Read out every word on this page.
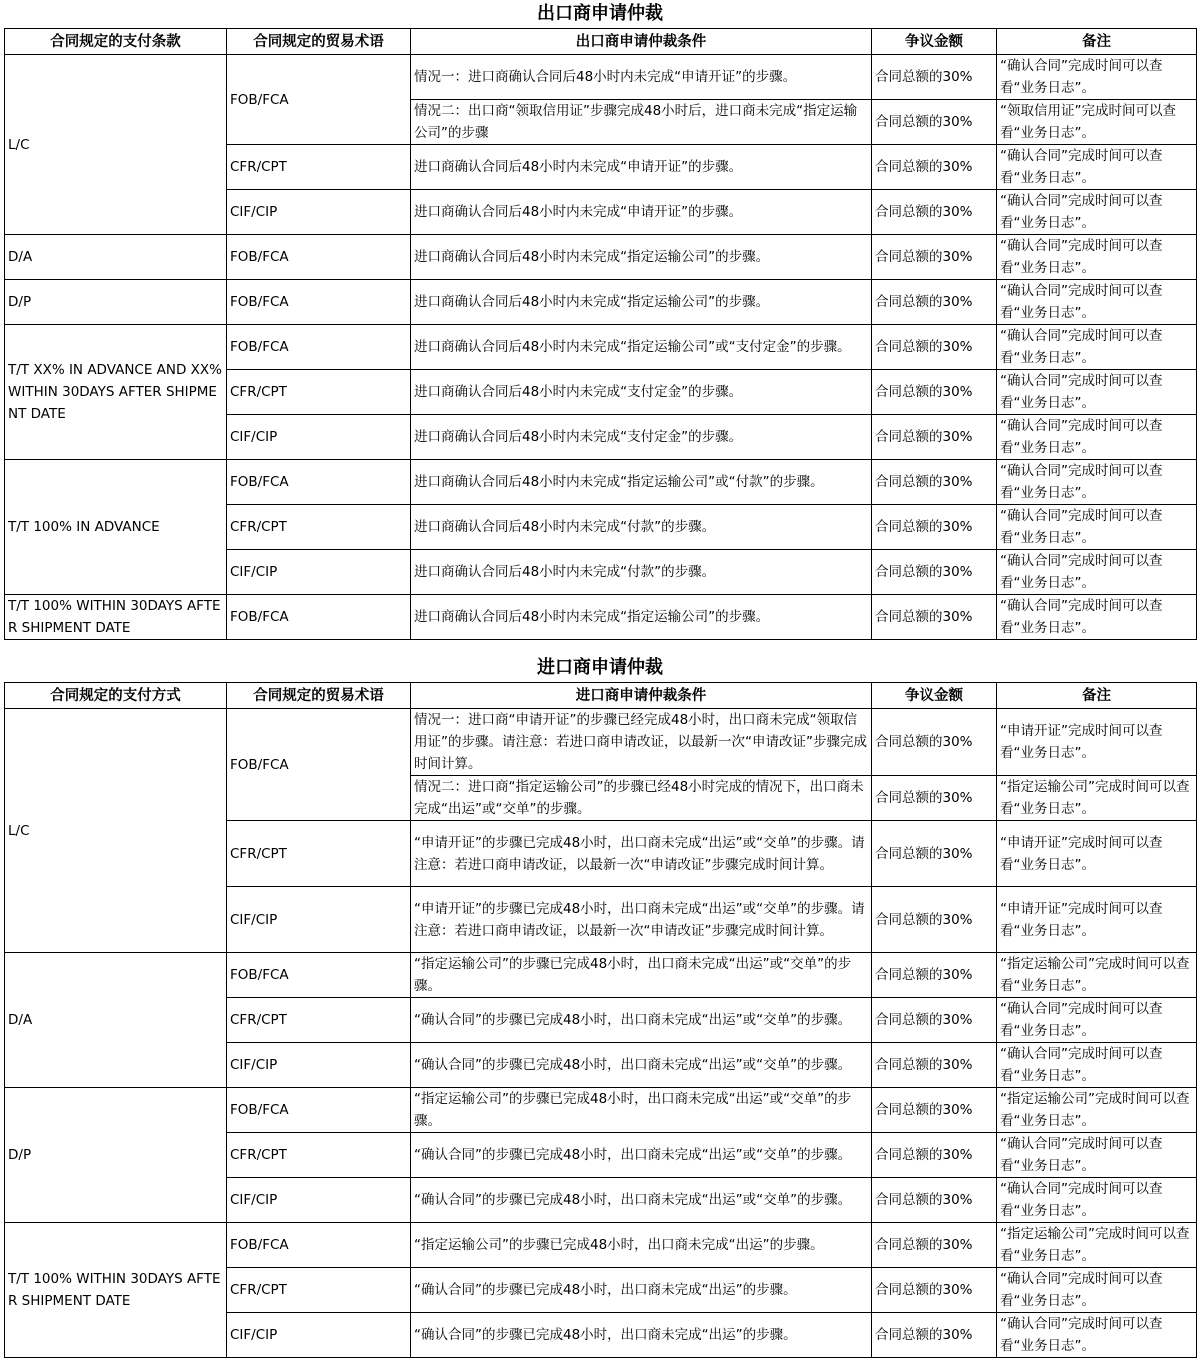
出口商申请仲裁
合同规定的支付条款	合同规定的贸易术语	出口商申请仲裁条件	争议金额	备注
L/C	FOB/FCA	情况一：进口商确认合同后48小时内未完成“申请开证”的步骤。	合同总额的30%	“确认合同”完成时间可以查看“业务日志”。
		情况二：出口商“领取信用证”步骤完成48小时后，进口商未完成“指定运输公司”的步骤	合同总额的30%	“领取信用证”完成时间可以查看“业务日志”。
	CFR/CPT	进口商确认合同后48小时内未完成“申请开证”的步骤。	合同总额的30%	“确认合同”完成时间可以查看“业务日志”。
	CIF/CIP	进口商确认合同后48小时内未完成“申请开证”的步骤。	合同总额的30%	“确认合同”完成时间可以查看“业务日志”。
D/A	FOB/FCA	进口商确认合同后48小时内未完成“指定运输公司”的步骤。	合同总额的30%	“确认合同”完成时间可以查看“业务日志”。
D/P	FOB/FCA	进口商确认合同后48小时内未完成“指定运输公司”的步骤。	合同总额的30%	“确认合同”完成时间可以查看“业务日志”。
T/T XX% IN ADVANCE AND XX% WITHIN 30DAYS AFTER SHIPMENT DATE	FOB/FCA	进口商确认合同后48小时内未完成“指定运输公司”或“支付定金”的步骤。	合同总额的30%	“确认合同”完成时间可以查看“业务日志”。
	CFR/CPT	进口商确认合同后48小时内未完成“支付定金”的步骤。	合同总额的30%	“确认合同”完成时间可以查看“业务日志”。
	CIF/CIP	进口商确认合同后48小时内未完成“支付定金”的步骤。	合同总额的30%	“确认合同”完成时间可以查看“业务日志”。
T/T 100% IN ADVANCE	FOB/FCA	进口商确认合同后48小时内未完成“指定运输公司”或“付款”的步骤。	合同总额的30%	“确认合同”完成时间可以查看“业务日志”。
	CFR/CPT	进口商确认合同后48小时内未完成“付款”的步骤。	合同总额的30%	“确认合同”完成时间可以查看“业务日志”。
	CIF/CIP	进口商确认合同后48小时内未完成“付款”的步骤。	合同总额的30%	“确认合同”完成时间可以查看“业务日志”。
T/T 100% WITHIN 30DAYS AFTER SHIPMENT DATE	FOB/FCA	进口商确认合同后48小时内未完成“指定运输公司”的步骤。	合同总额的30%	“确认合同”完成时间可以查看“业务日志”。
进口商申请仲裁
合同规定的支付方式	合同规定的贸易术语	进口商申请仲裁条件	争议金额	备注
L/C	FOB/FCA	情况一：进口商“申请开证”的步骤已经完成48小时，出口商未完成“领取信用证”的步骤。请注意：若进口商申请改证，以最新一次“申请改证”步骤完成时间计算。	合同总额的30%	“申请开证”完成时间可以查看“业务日志”。
		情况二：进口商“指定运输公司”的步骤已经48小时完成的情况下，出口商未完成“出运”或“交单”的步骤。	合同总额的30%	“指定运输公司”完成时间可以查看“业务日志”。
	CFR/CPT	“申请开证”的步骤已完成48小时，出口商未完成“出运”或“交单”的步骤。请注意：若进口商申请改证，以最新一次“申请改证”步骤完成时间计算。	合同总额的30%	“申请开证”完成时间可以查看“业务日志”。
	CIF/CIP	“申请开证”的步骤已完成48小时，出口商未完成“出运”或“交单”的步骤。请注意：若进口商申请改证，以最新一次“申请改证”步骤完成时间计算。	合同总额的30%	“申请开证”完成时间可以查看“业务日志”。
D/A	FOB/FCA	“指定运输公司”的步骤已完成48小时，出口商未完成“出运”或“交单”的步骤。	合同总额的30%	“指定运输公司”完成时间可以查看“业务日志”。
	CFR/CPT	“确认合同”的步骤已完成48小时，出口商未完成“出运”或“交单”的步骤。	合同总额的30%	“确认合同”完成时间可以查看“业务日志”。
	CIF/CIP	“确认合同”的步骤已完成48小时，出口商未完成“出运”或“交单”的步骤。	合同总额的30%	“确认合同”完成时间可以查看“业务日志”。
D/P	FOB/FCA	“指定运输公司”的步骤已完成48小时，出口商未完成“出运”或“交单”的步骤。	合同总额的30%	“指定运输公司”完成时间可以查看“业务日志”。
	CFR/CPT	“确认合同”的步骤已完成48小时，出口商未完成“出运”或“交单”的步骤。	合同总额的30%	“确认合同”完成时间可以查看“业务日志”。
	CIF/CIP	“确认合同”的步骤已完成48小时，出口商未完成“出运”或“交单”的步骤。	合同总额的30%	“确认合同”完成时间可以查看“业务日志”。
T/T 100% WITHIN 30DAYS AFTER SHIPMENT DATE	FOB/FCA	“指定运输公司”的步骤已完成48小时，出口商未完成“出运”的步骤。	合同总额的30%	“指定运输公司”完成时间可以查看“业务日志”。
	CFR/CPT	“确认合同”的步骤已完成48小时，出口商未完成“出运”的步骤。	合同总额的30%	“确认合同”完成时间可以查看“业务日志”。
	CIF/CIP	“确认合同”的步骤已完成48小时，出口商未完成“出运”的步骤。	合同总额的30%	“确认合同”完成时间可以查看“业务日志”。
